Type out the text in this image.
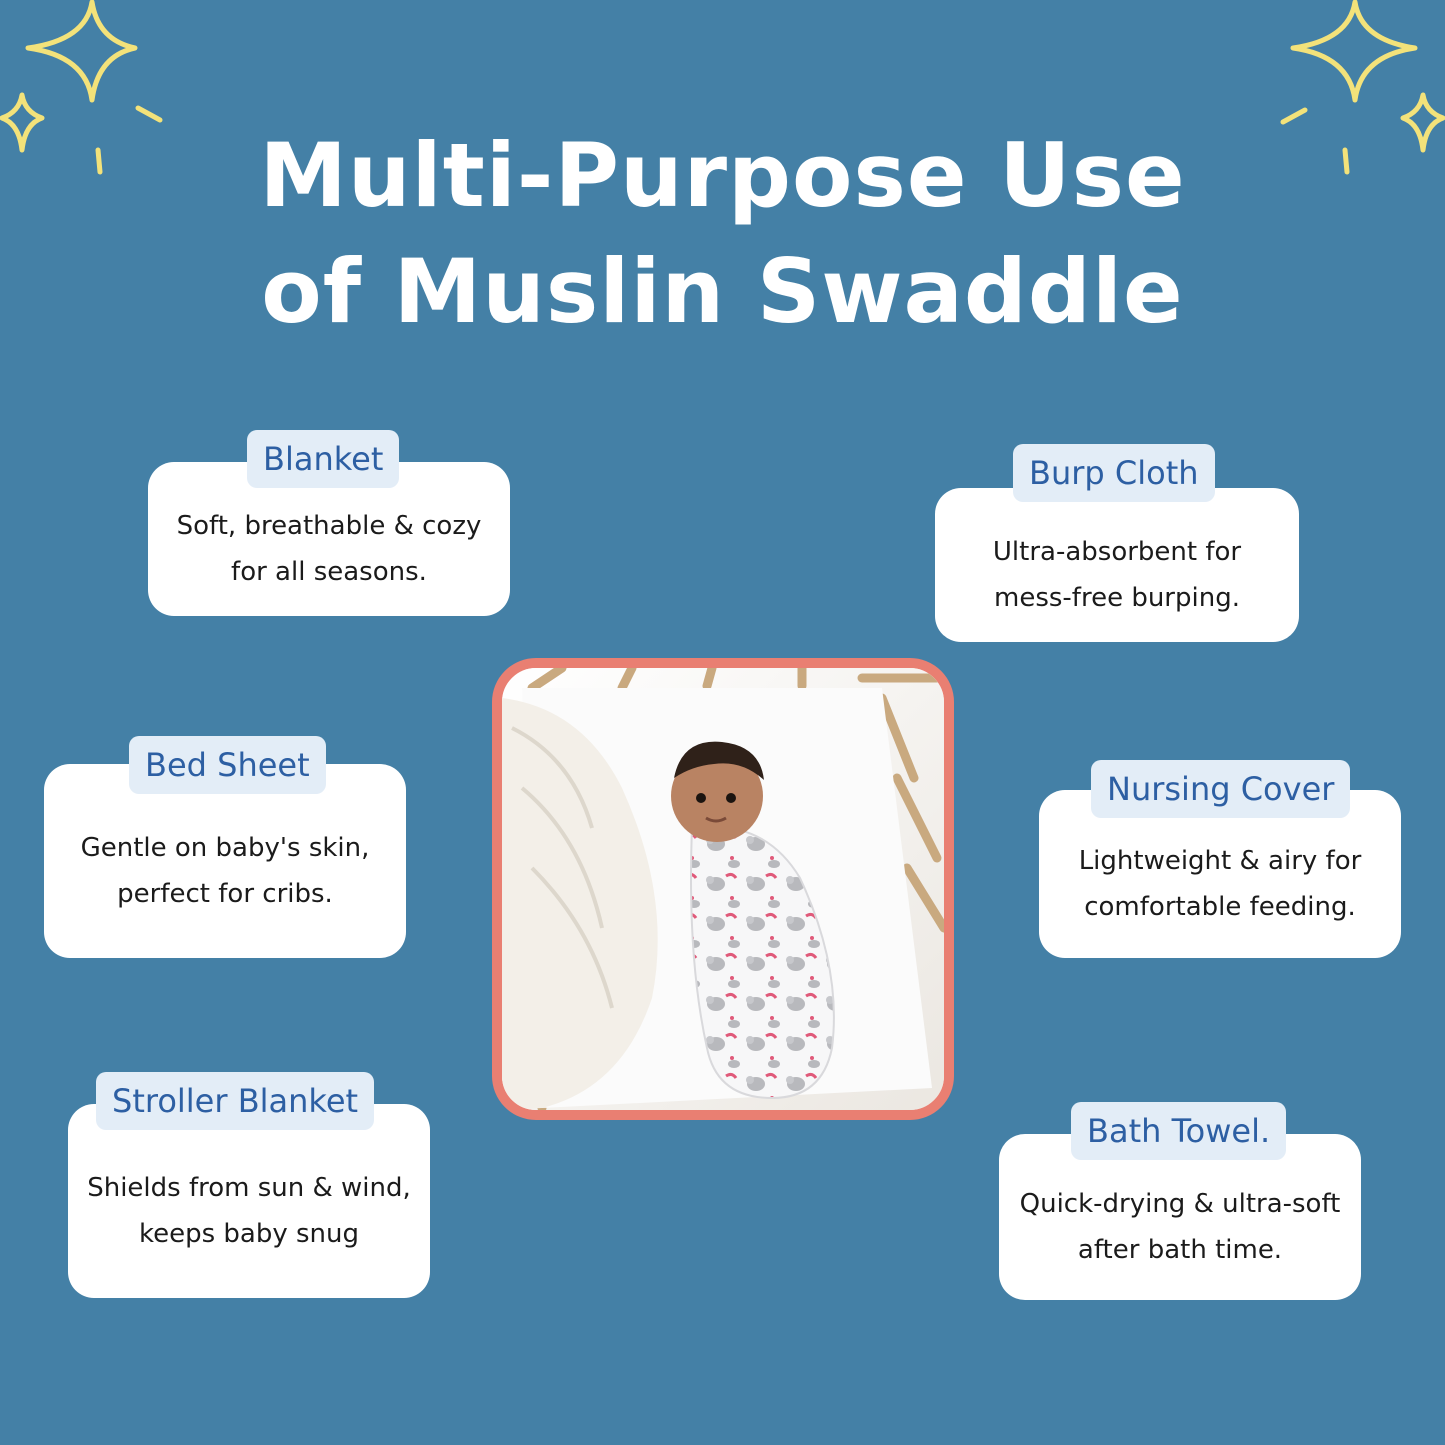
Multi-Purpose Use
of Muslin Swaddle
Soft, breathable & cozy for all seasons.
Blanket
Ultra-absorbent for mess-free burping.
Burp Cloth
Gentle on baby's skin, perfect for cribs.
Bed Sheet
Lightweight & airy for comfortable feeding.
Nursing Cover
Shields from sun & wind, keeps baby snug
Stroller Blanket
Quick-drying & ultra-soft after bath time.
Bath Towel.
